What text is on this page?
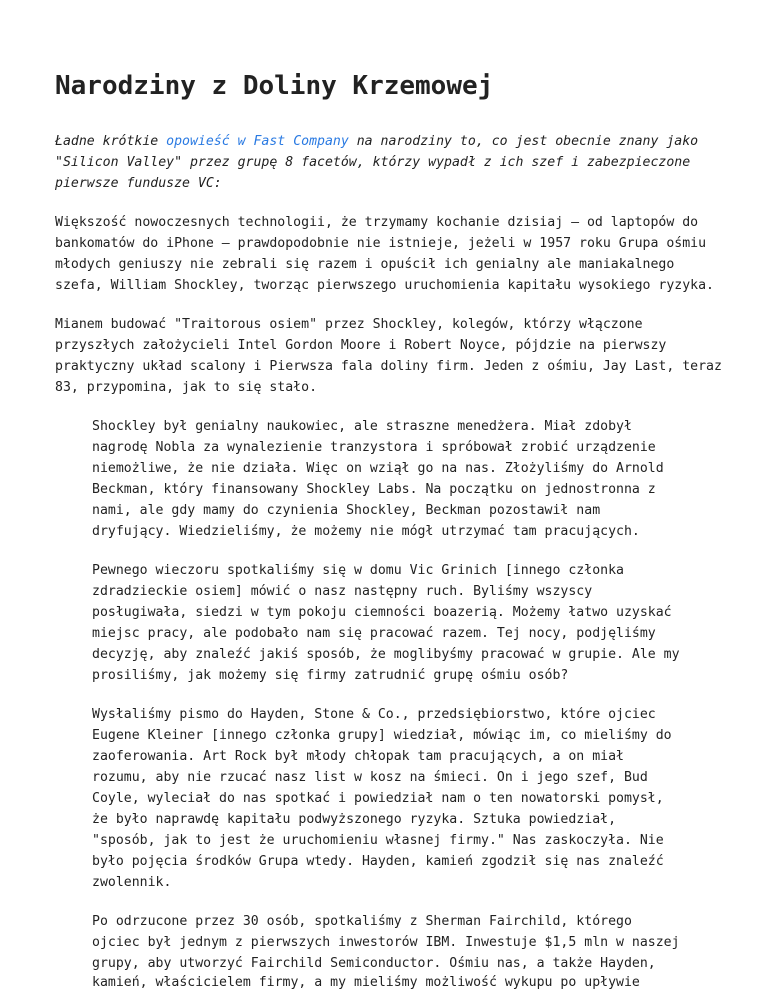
Narodziny z Doliny Krzemowej
Ładne krótkie opowieść w Fast Company na narodziny to, co jest obecnie znany jako
"Silicon Valley" przez grupę 8 facetów, którzy wypadł z ich szef i zabezpieczone
pierwsze fundusze VC:
Większość nowoczesnych technologii, że trzymamy kochanie dzisiaj — od laptopów do
bankomatów do iPhone — prawdopodobnie nie istnieje, jeżeli w 1957 roku Grupa ośmiu
młodych geniuszy nie zebrali się razem i opuścił ich genialny ale maniakalnego
szefa, William Shockley, tworząc pierwszego uruchomienia kapitału wysokiego ryzyka.
Mianem budować "Traitorous osiem" przez Shockley, kolegów, którzy włączone
przyszłych założycieli Intel Gordon Moore i Robert Noyce, pójdzie na pierwszy
praktyczny układ scalony i Pierwsza fala doliny firm. Jeden z ośmiu, Jay Last, teraz
83, przypomina, jak to się stało.
Shockley był genialny naukowiec, ale straszne menedżera. Miał zdobył
nagrodę Nobla za wynalezienie tranzystora i spróbował zrobić urządzenie
niemożliwe, że nie działa. Więc on wziął go na nas. Złożyliśmy do Arnold
Beckman, który finansowany Shockley Labs. Na początku on jednostronna z
nami, ale gdy mamy do czynienia Shockley, Beckman pozostawił nam
dryfujący. Wiedzieliśmy, że możemy nie mógł utrzymać tam pracujących.
Pewnego wieczoru spotkaliśmy się w domu Vic Grinich [innego członka
zdradzieckie osiem] mówić o nasz następny ruch. Byliśmy wszyscy
posługiwała, siedzi w tym pokoju ciemności boazerią. Możemy łatwo uzyskać
miejsc pracy, ale podobało nam się pracować razem. Tej nocy, podjęliśmy
decyzję, aby znaleźć jakiś sposób, że moglibyśmy pracować w grupie. Ale my
prosiliśmy, jak możemy się firmy zatrudnić grupę ośmiu osób?
Wysłaliśmy pismo do Hayden, Stone & Co., przedsiębiorstwo, które ojciec
Eugene Kleiner [innego członka grupy] wiedział, mówiąc im, co mieliśmy do
zaoferowania. Art Rock był młody chłopak tam pracujących, a on miał
rozumu, aby nie rzucać nasz list w kosz na śmieci. On i jego szef, Bud
Coyle, wyleciał do nas spotkać i powiedział nam o ten nowatorski pomysł,
że było naprawdę kapitału podwyższonego ryzyka. Sztuka powiedział,
"sposób, jak to jest że uruchomieniu własnej firmy." Nas zaskoczyła. Nie
było pojęcia środków Grupa wtedy. Hayden, kamień zgodził się nas znaleźć
zwolennik.
Po odrzucone przez 30 osób, spotkaliśmy z Sherman Fairchild, którego
ojciec był jednym z pierwszych inwestorów IBM. Inwestuje $1,5 mln w naszej
grupy, aby utworzyć Fairchild Semiconductor. Ośmiu nas, a także Hayden,
kamień, właścicielem firmy, a my mieliśmy możliwość wykupu po upływie
